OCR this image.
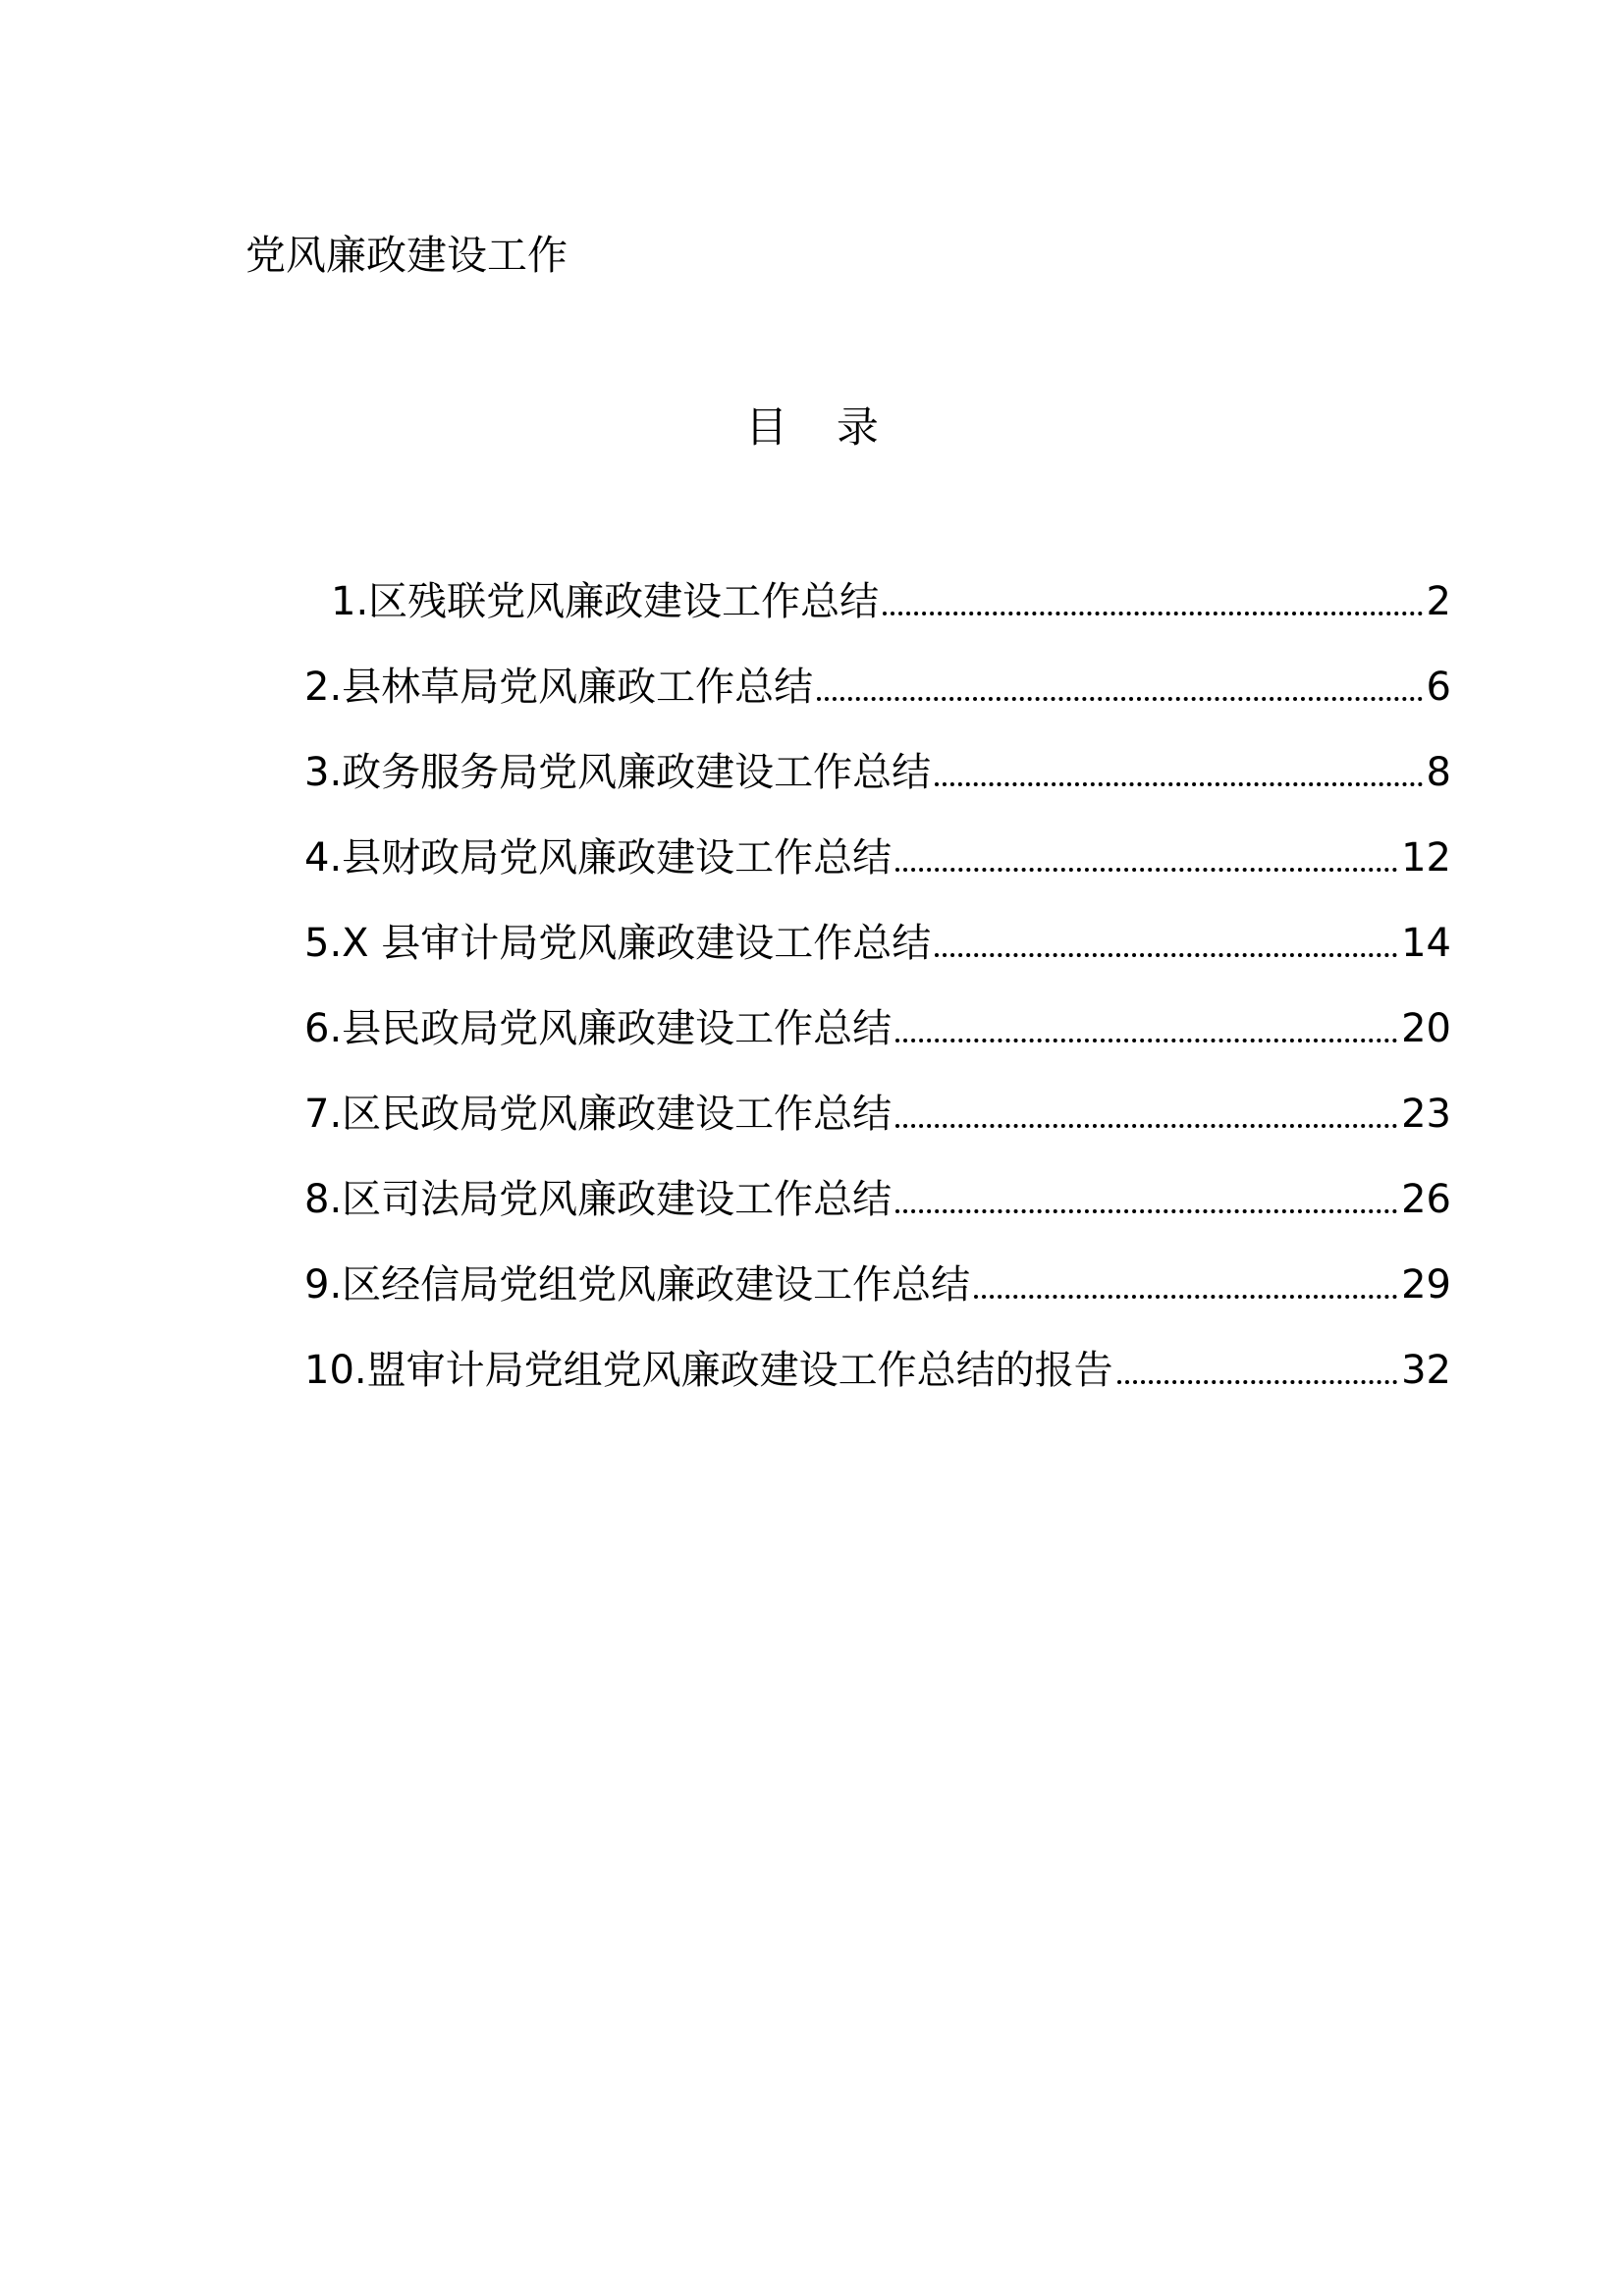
党风廉政建设工作
目 录
1.区残联党风廉政建设工作总结	2
2.县林草局党风廉政工作总结	6
3.政务服务局党风廉政建设工作总结	8
4.县财政局党风廉政建设工作总结	12
5.X 县审计局党风廉政建设工作总结	14
6.县民政局党风廉政建设工作总结	20
7.区民政局党风廉政建设工作总结	23
8.区司法局党风廉政建设工作总结	26
9.区经信局党组党风廉政建设工作总结	29
10.盟审计局党组党风廉政建设工作总结的报告	32
